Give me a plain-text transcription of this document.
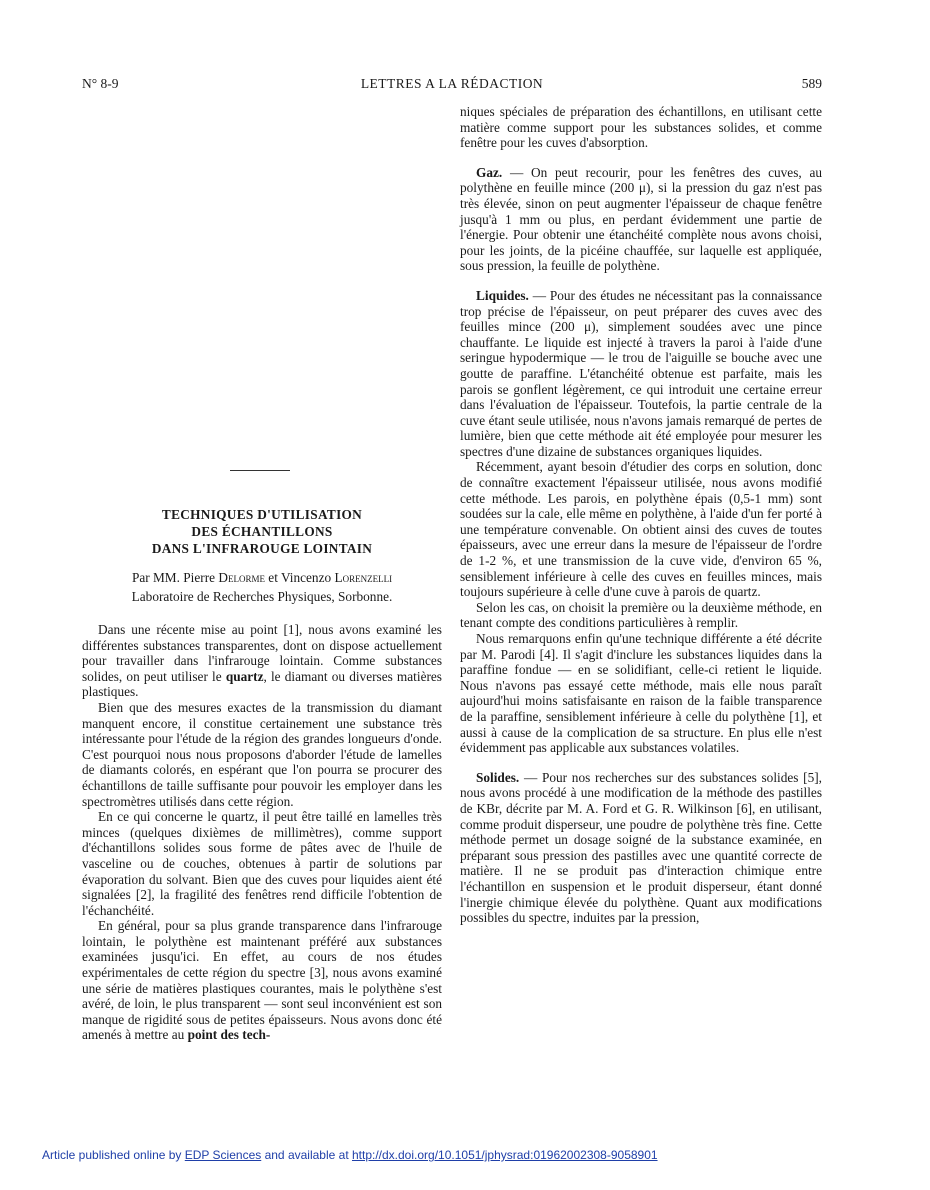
N° 8-9	LETTRES A LA RÉDACTION	589
TECHNIQUES D'UTILISATION
DES ÉCHANTILLONS
DANS L'INFRAROUGE LOINTAIN
Par MM. Pierre Delorme et Vincenzo Lorenzelli
Laboratoire de Recherches Physiques, Sorbonne.

Dans une récente mise au point [1], nous avons examiné les différentes substances transparentes, dont on dispose actuellement pour travailler dans l'infrarouge lointain. Comme substances solides, on peut utiliser le quartz, le diamant ou diverses matières plastiques.

Bien que des mesures exactes de la transmission du diamant manquent encore, il constitue certainement une substance très intéressante pour l'étude de la région des grandes longueurs d'onde. C'est pourquoi nous nous proposons d'aborder l'étude de lamelles de diamants colorés, en espérant que l'on pourra se procurer des échantillons de taille suffisante pour pouvoir les employer dans les spectromètres utilisés dans cette région.

En ce qui concerne le quartz, il peut être taillé en lamelles très minces (quelques dixièmes de millimètres), comme support d'échantillons solides sous forme de pâtes avec de l'huile de vasceline ou de couches, obtenues à partir de solutions par évaporation du solvant. Bien que des cuves pour liquides aient été signalées [2], la fragilité des fenêtres rend difficile l'obtention de l'échanchéité.

En général, pour sa plus grande transparence dans l'infrarouge lointain, le polythène est maintenant préféré aux substances examinées jusqu'ici. En effet, au cours de nos études expérimentales de cette région du spectre [3], nous avons examiné une série de matières plastiques courantes, mais le polythène s'est avéré, de loin, le plus transparent — sont seul inconvénient est son manque de rigidité sous de petites épaisseurs. Nous avons donc été amenés à mettre au point des tech-

niques spéciales de préparation des échantillons, en utilisant cette matière comme support pour les substances solides, et comme fenêtre pour les cuves d'absorption.

Gaz. — On peut recourir, pour les fenêtres des cuves, au polythène en feuille mince (200 μ), si la pression du gaz n'est pas très élevée, sinon on peut augmenter l'épaisseur de chaque fenêtre jusqu'à 1 mm ou plus, en perdant évidemment une partie de l'énergie. Pour obtenir une étanchéité complète nous avons choisi, pour les joints, de la picéine chauffée, sur laquelle est appliquée, sous pression, la feuille de polythène.

Liquides. — Pour des études ne nécessitant pas la connaissance trop précise de l'épaisseur, on peut préparer des cuves avec des feuilles mince (200 μ), simplement soudées avec une pince chauffante. Le liquide est injecté à travers la paroi à l'aide d'une seringue hypodermique — le trou de l'aiguille se bouche avec une goutte de paraffine. L'étanchéité obtenue est parfaite, mais les parois se gonflent légèrement, ce qui introduit une certaine erreur dans l'évaluation de l'épaisseur. Toutefois, la partie centrale de la cuve étant seule utilisée, nous n'avons jamais remarqué de pertes de lumière, bien que cette méthode ait été employée pour mesurer les spectres d'une dizaine de substances organiques liquides.

Récemment, ayant besoin d'étudier des corps en solution, donc de connaître exactement l'épaisseur utilisée, nous avons modifié cette méthode. Les parois, en polythène épais (0,5-1 mm) sont soudées sur la cale, elle même en polythène, à l'aide d'un fer porté à une température convenable. On obtient ainsi des cuves de toutes épaisseurs, avec une erreur dans la mesure de l'épaisseur de l'ordre de 1-2 %, et une transmission de la cuve vide, d'environ 65 %, sensiblement inférieure à celle des cuves en feuilles minces, mais toujours supérieure à celle d'une cuve à parois de quartz.

Selon les cas, on choisit la première ou la deuxième méthode, en tenant compte des conditions particulières à remplir.

Nous remarquons enfin qu'une technique différente a été décrite par M. Parodi [4]. Il s'agit d'inclure les substances liquides dans la paraffine fondue — en se solidifiant, celle-ci retient le liquide. Nous n'avons pas essayé cette méthode, mais elle nous paraît aujourd'hui moins satisfaisante en raison de la faible transparence de la paraffine, sensiblement inférieure à celle du polythène [1], et aussi à cause de la complication de sa structure. En plus elle n'est évidemment pas applicable aux substances volatiles.

Solides. — Pour nos recherches sur des substances solides [5], nous avons procédé à une modification de la méthode des pastilles de KBr, décrite par M. A. Ford et G. R. Wilkinson [6], en utilisant, comme produit disperseur, une poudre de polythène très fine. Cette méthode permet un dosage soigné de la substance examinée, en préparant sous pression des pastilles avec une quantité correcte de matière. Il ne se produit pas d'interaction chimique entre l'échantillon en suspension et le produit disperseur, étant donné l'inergie chimique élevée du polythène. Quant aux modifications possibles du spectre, induites par la pression,

Article published online by EDP Sciences and available at http://dx.doi.org/10.1051/jphysrad:01962002308-9058901
